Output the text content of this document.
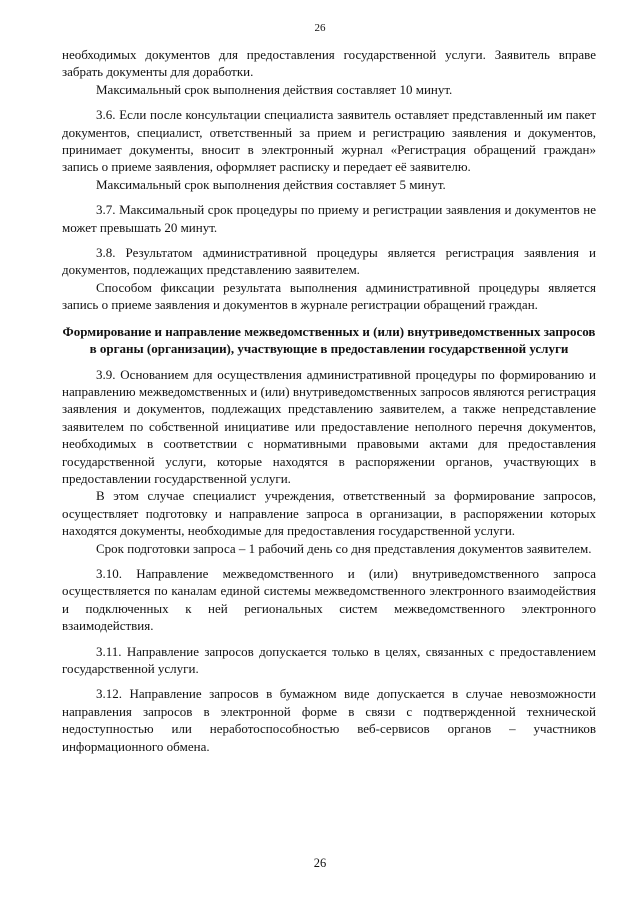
26

необходимых документов для предоставления государственной услуги. Заявитель вправе забрать документы для доработки.

Максимальный срок выполнения действия составляет 10 минут.

3.6. Если после консультации специалиста заявитель оставляет представленный им пакет документов, специалист, ответственный за прием и регистрацию заявления и документов, принимает документы, вносит в электронный журнал «Регистрация обращений граждан» запись о приеме заявления, оформляет расписку и передает её заявителю.

Максимальный срок выполнения действия составляет 5 минут.

3.7. Максимальный срок процедуры по приему и регистрации заявления и документов не может превышать 20 минут.

3.8. Результатом административной процедуры является регистрация заявления и документов, подлежащих представлению заявителем.

Способом фиксации результата выполнения административной процедуры является запись о приеме заявления и документов в журнале регистрации обращений граждан.

Формирование и направление межведомственных и (или) внутриведомственных запросов в органы (организации), участвующие в предоставлении государственной услуги

3.9. Основанием для осуществления административной процедуры по формированию и направлению межведомственных и (или) внутриведомственных запросов являются регистрация заявления и документов, подлежащих представлению заявителем, а также непредставление заявителем по собственной инициативе или предоставление неполного перечня документов, необходимых в соответствии с нормативными правовыми актами для предоставления государственной услуги, которые находятся в распоряжении органов, участвующих в предоставлении государственной услуги.

В этом случае специалист учреждения, ответственный за формирование запросов, осуществляет подготовку и направление запроса в организации, в распоряжении которых находятся документы, необходимые для предоставления государственной услуги.

Срок подготовки запроса – 1 рабочий день со дня представления документов заявителем.

3.10. Направление межведомственного и (или) внутриведомственного запроса осуществляется по каналам единой системы межведомственного электронного взаимодействия и подключенных к ней региональных систем межведомственного электронного взаимодействия.

3.11. Направление запросов допускается только в целях, связанных с предоставлением государственной услуги.

3.12. Направление запросов в бумажном виде допускается в случае невозможности направления запросов в электронной форме в связи с подтвержденной технической недоступностью или неработоспособностью веб-сервисов органов – участников информационного обмена.

26
